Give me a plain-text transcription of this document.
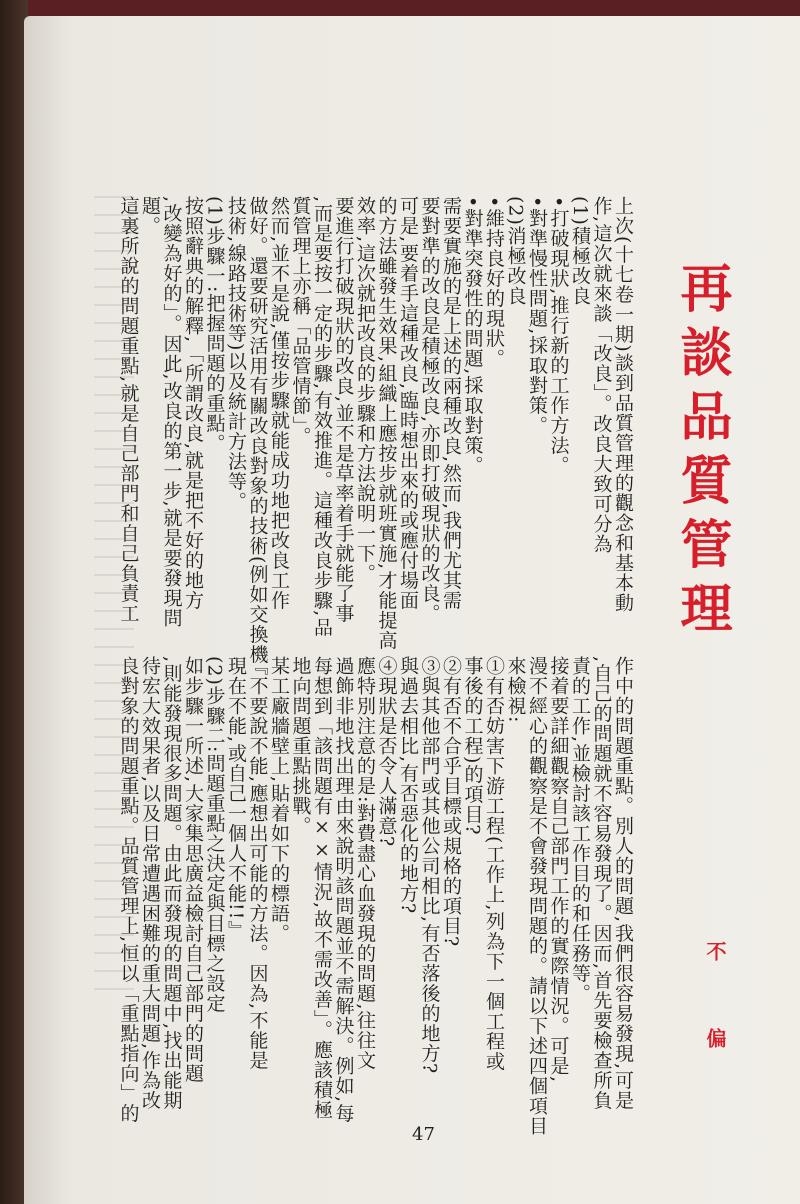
再談品質管理
不 偏
上次(十七卷一期)談到品質管理的觀念和基本動
作,這次就來談「改良」。改良大致可分為
(1)積極改良
•打破現狀,推行新的工作方法。
•對準慢性問題,採取對策。
(2)消極改良
•維持良好的現狀。
•對準突發性的問題,採取對策。
需要實施的是上述的兩種改良,然而,我們尤其需
要對準的改良是積極改良,亦即打破現狀的改良。
可是,要着手這種改良,臨時想出來的或應付場面
的方法雖發生效果,組織上應按步就班實施,才能提高
效率,這次就把改良的步驟和方法說明一下。
要進行打破現狀的改良,並不是草率着手就能了事
,而是要按一定的步驟,有效推進。這種改良步驟,品
質管理上亦稱「品管情節」。
然而,並不是說,僅按步驟就能成功地把改良工作
做好。還要研究活用有關改良對象的技術(例如交換機
技術,線路技術等)以及統計方法等。
(1)步驟一:把握問題的重點。
按照辭典的解釋,「所謂改良,就是把不好的地方
,改變為好的」。因此,改良的第一步,就是要發現問
題。
這裏所說的問題重點,就是自己部門和自己負責工
作中的問題重點。別人的問題,我們很容易發現,可是
,自己的問題就不容易發現了。因而,首先要檢查所負
責的工作,並檢討該工作目的和任務等。
接着要詳細觀察自己部門工作的實際情況。可是,
漫不經心的觀察是不會發現問題的。請以下述四個項目
來檢視:
①有否妨害下游工程(工作上,列為下一個工程或
事後的工程)的項目?
②有否不合乎目標或規格的項目?
③與其他部門或其他公司相比,有否落後的地方?
與過去相比,有否惡化的地方?
④現狀是否令人滿意?
應特別注意的是:對費盡心血發現的問題,往往文
過飾非地找出理由來說明該問題並不需解決。例如,每
每想到「該問題有××情況,故不需改善」。應該積極
地向問題重點挑戰。
某工廠牆壁上,貼着如下的標語。
『不要說不能,應想出可能的方法。因為,不能是
現在不能,或自己一個人不能!!』
(2)步驟二:問題重點之決定與目標之設定
如步驟一所述,大家集思廣益檢討自己部門的問題
,則能發現很多問題。由此而發現的問題中,找出能期
待宏大效果者,以及日常遭遇困難的重大問題,作為改
良對象的問題重點。品質管理上,恒以「重點指向」的
47
